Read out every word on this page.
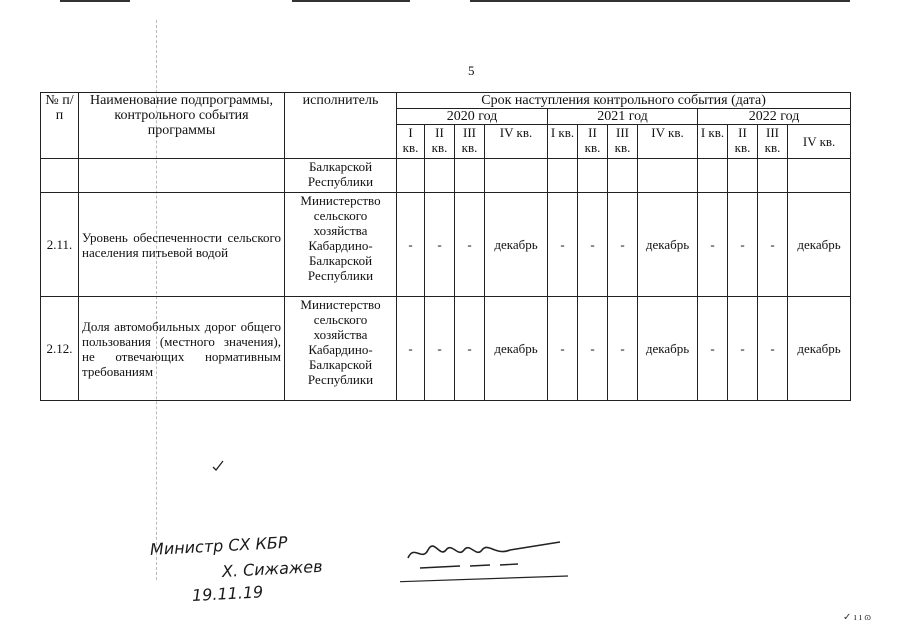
5
№ п/п	Наименование подпрограммы, контрольного события программы	исполнитель	Срок наступления контрольного события (дата)											
			2020 год				2021 год				2022 год			
			I кв.	II кв.	III кв.	IV кв.	I кв.	II кв.	III кв.	IV кв.	I кв.	II кв.	III кв.	IV кв.
		Балкарской Республики												
2.11.	Уровень обеспеченности сельского населения питьевой водой	Министерство сельского хозяйства Кабардино-Балкарской Республики	-	-	-	декабрь	-	-	-	декабрь	-	-	-	декабрь
2.12.	Доля автомобильных дорог общего пользования (местного значения), не отвечающих нормативным требованиям	Министерство сельского хозяйства Кабардино-Балкарской Республики	-	-	-	декабрь	-	-	-	декабрь	-	-	-	декабрь
Министр СХ КБР
Х. Сижажев
19.11.19
✓ ı ı ɷ
